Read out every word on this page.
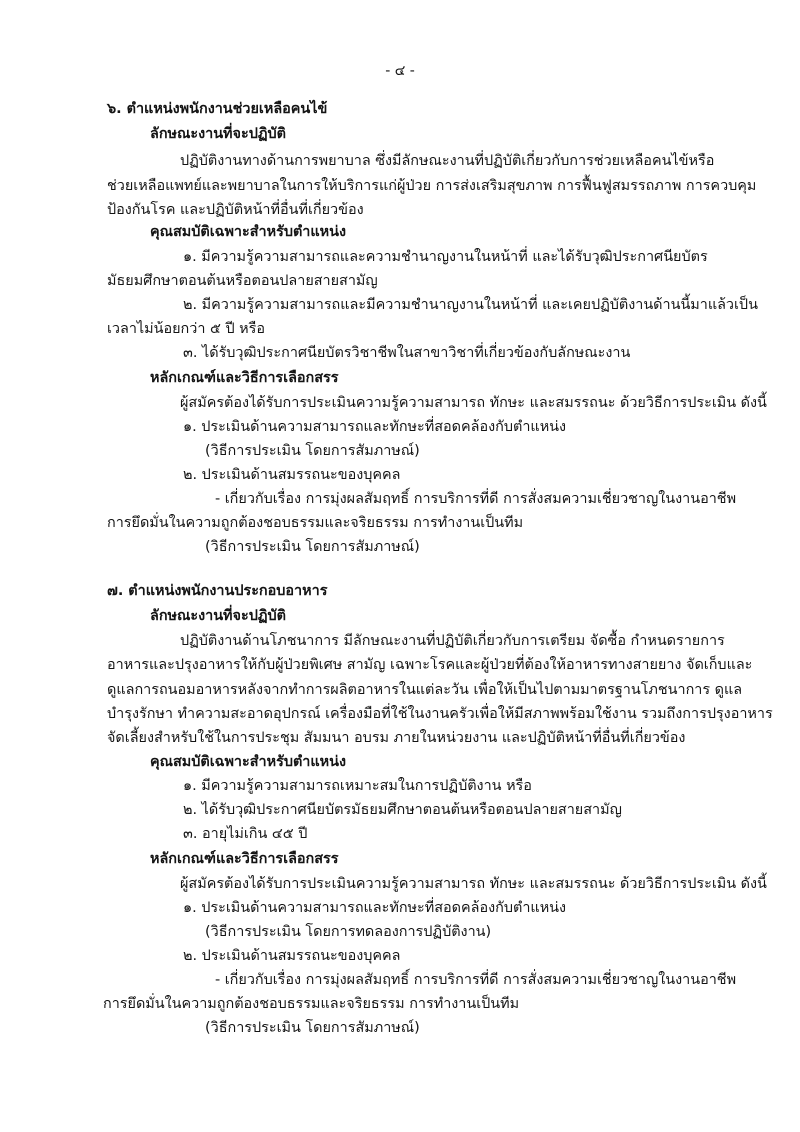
- ๔ -
๖. ตำแหน่งพนักงานช่วยเหลือคนไข้
ลักษณะงานที่จะปฏิบัติ
ปฏิบัติงานทางด้านการพยาบาล ซึ่งมีลักษณะงานที่ปฏิบัติเกี่ยวกับการช่วยเหลือคนไข้หรือ
ช่วยเหลือแพทย์และพยาบาลในการให้บริการแก่ผู้ป่วย การส่งเสริมสุขภาพ การฟื้นฟูสมรรถภาพ การควบคุม
ป้องกันโรค และปฏิบัติหน้าที่อื่นที่เกี่ยวข้อง
คุณสมบัติเฉพาะสำหรับตำแหน่ง
๑. มีความรู้ความสามารถและความชำนาญงานในหน้าที่ และได้รับวุฒิประกาศนียบัตร
มัธยมศึกษาตอนต้นหรือตอนปลายสายสามัญ
๒. มีความรู้ความสามารถและมีความชำนาญงานในหน้าที่ และเคยปฏิบัติงานด้านนี้มาแล้วเป็น
เวลาไม่น้อยกว่า ๕ ปี หรือ
๓. ได้รับวุฒิประกาศนียบัตรวิชาชีพในสาขาวิชาที่เกี่ยวข้องกับลักษณะงาน
หลักเกณฑ์และวิธีการเลือกสรร
ผู้สมัครต้องได้รับการประเมินความรู้ความสามารถ ทักษะ และสมรรถนะ ด้วยวิธีการประเมิน ดังนี้
๑. ประเมินด้านความสามารถและทักษะที่สอดคล้องกับตำแหน่ง
(วิธีการประเมิน โดยการสัมภาษณ์)
๒. ประเมินด้านสมรรถนะของบุคคล
- เกี่ยวกับเรื่อง การมุ่งผลสัมฤทธิ์ การบริการที่ดี การสั่งสมความเชี่ยวชาญในงานอาชีพ
การยึดมั่นในความถูกต้องชอบธรรมและจริยธรรม การทำงานเป็นทีม
(วิธีการประเมิน โดยการสัมภาษณ์)
๗. ตำแหน่งพนักงานประกอบอาหาร
ลักษณะงานที่จะปฏิบัติ
ปฏิบัติงานด้านโภชนาการ มีลักษณะงานที่ปฏิบัติเกี่ยวกับการเตรียม จัดซื้อ กำหนดรายการ
อาหารและปรุงอาหารให้กับผู้ป่วยพิเศษ สามัญ เฉพาะโรคและผู้ป่วยที่ต้องให้อาหารทางสายยาง จัดเก็บและ
ดูแลการถนอมอาหารหลังจากทำการผลิตอาหารในแต่ละวัน เพื่อให้เป็นไปตามมาตรฐานโภชนาการ ดูแล
บำรุงรักษา ทำความสะอาดอุปกรณ์ เครื่องมือที่ใช้ในงานครัวเพื่อให้มีสภาพพร้อมใช้งาน รวมถึงการปรุงอาหาร
จัดเลี้ยงสำหรับใช้ในการประชุม สัมมนา อบรม ภายในหน่วยงาน และปฏิบัติหน้าที่อื่นที่เกี่ยวข้อง
คุณสมบัติเฉพาะสำหรับตำแหน่ง
๑. มีความรู้ความสามารถเหมาะสมในการปฏิบัติงาน หรือ
๒. ได้รับวุฒิประกาศนียบัตรมัธยมศึกษาตอนต้นหรือตอนปลายสายสามัญ
๓. อายุไม่เกิน ๔๕ ปี
หลักเกณฑ์และวิธีการเลือกสรร
ผู้สมัครต้องได้รับการประเมินความรู้ความสามารถ ทักษะ และสมรรถนะ ด้วยวิธีการประเมิน ดังนี้
๑. ประเมินด้านความสามารถและทักษะที่สอดคล้องกับตำแหน่ง
(วิธีการประเมิน โดยการทดลองการปฏิบัติงาน)
๒. ประเมินด้านสมรรถนะของบุคคล
- เกี่ยวกับเรื่อง การมุ่งผลสัมฤทธิ์ การบริการที่ดี การสั่งสมความเชี่ยวชาญในงานอาชีพ
การยึดมั่นในความถูกต้องชอบธรรมและจริยธรรม การทำงานเป็นทีม
(วิธีการประเมิน โดยการสัมภาษณ์)
